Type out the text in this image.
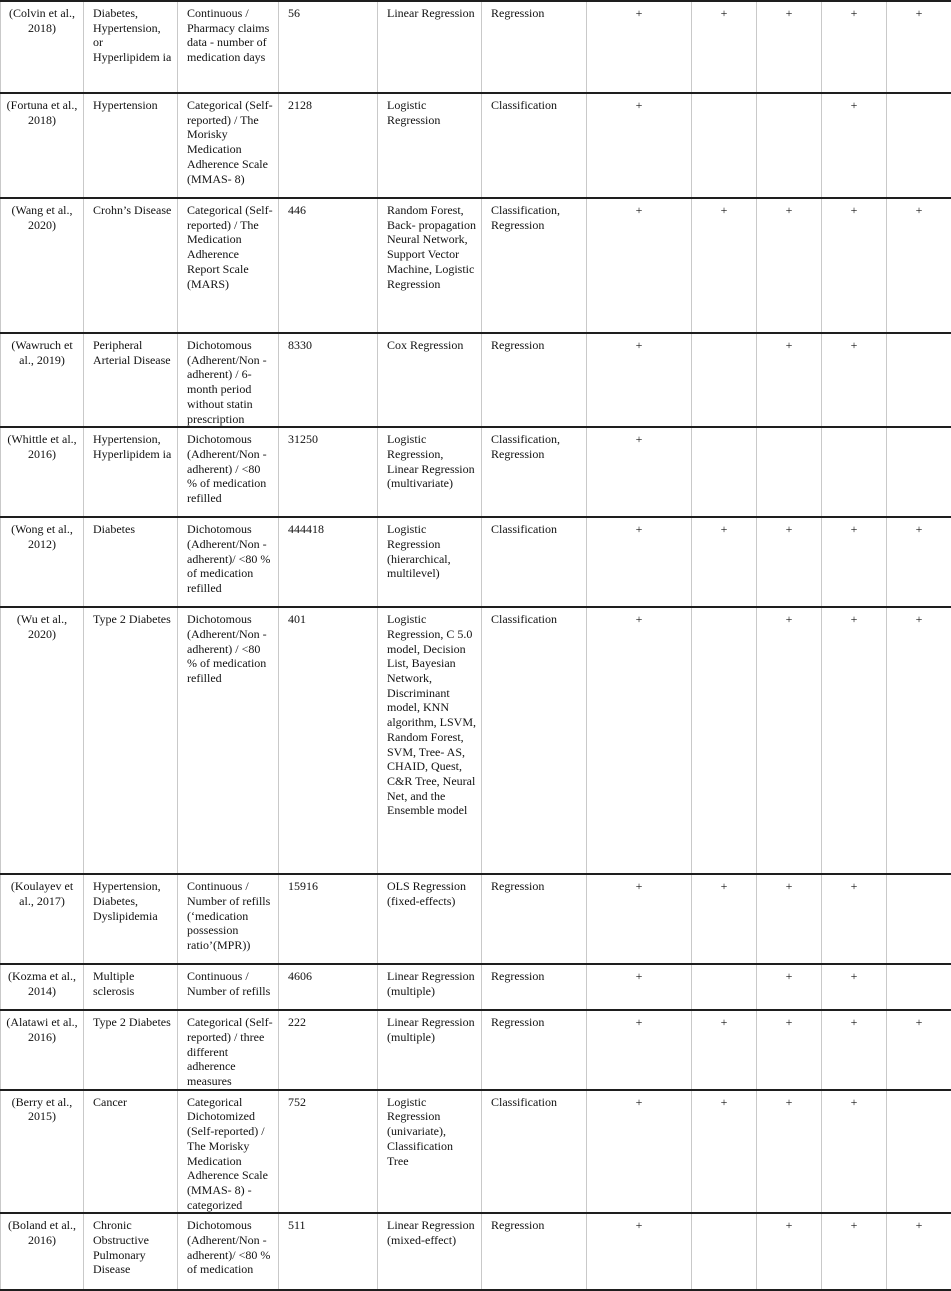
(Colvin et al., 2018)	Diabetes, Hypertension, or Hyperlipidem ia	Continuous / Pharmacy claims data - number of medication days	56	Linear Regression	Regression	+	+	+	+	+
(Fortuna et al., 2018)	Hypertension	Categorical (Self-reported) / The Morisky Medication Adherence Scale (MMAS- 8)	2128	Logistic Regression	Classification	+			+	
(Wang et al., 2020)	Crohn’s Disease	Categorical (Self-reported) / The Medication Adherence Report Scale (MARS)	446	Random Forest, Back- propagation Neural Network, Support Vector Machine, Logistic Regression	Classification, Regression	+	+	+	+	+
(Wawruch et al., 2019)	Peripheral Arterial Disease	Dichotomous (Adherent/Non -adherent) / 6- month period without statin prescription	8330	Cox Regression	Regression	+		+	+	
(Whittle et al., 2016)	Hypertension, Hyperlipidem ia	Dichotomous (Adherent/Non -adherent) / <80 % of medication refilled	31250	Logistic Regression, Linear Regression (multivariate)	Classification, Regression	+				
(Wong et al., 2012)	Diabetes	Dichotomous (Adherent/Non -adherent)/ <80 % of medication refilled	444418	Logistic Regression (hierarchical, multilevel)	Classification	+	+	+	+	+
(Wu et al., 2020)	Type 2 Diabetes	Dichotomous (Adherent/Non -adherent) / <80 % of medication refilled	401	Logistic Regression, C 5.0 model, Decision List, Bayesian Network, Discriminant model, KNN algorithm, LSVM, Random Forest, SVM, Tree- AS, CHAID, Quest, C&R Tree, Neural Net, and the Ensemble model	Classification	+		+	+	+
(Koulayev et al., 2017)	Hypertension, Diabetes, Dyslipidemia	Continuous / Number of refills (‘medication possession ratio’(MPR))	15916	OLS Regression (fixed-effects)	Regression	+	+	+	+	
(Kozma et al., 2014)	Multiple sclerosis	Continuous / Number of refills	4606	Linear Regression (multiple)	Regression	+		+	+	
(Alatawi et al., 2016)	Type 2 Diabetes	Categorical (Self-reported) / three different adherence measures	222	Linear Regression (multiple)	Regression	+	+	+	+	+
(Berry et al., 2015)	Cancer	Categorical Dichotomized (Self-reported) / The Morisky Medication Adherence Scale (MMAS- 8) - categorized	752	Logistic Regression (univariate), Classification Tree	Classification	+	+	+	+	
(Boland et al., 2016)	Chronic Obstructive Pulmonary Disease	Dichotomous (Adherent/Non -adherent)/ <80 % of medication	511	Linear Regression (mixed-effect)	Regression	+		+	+	+
